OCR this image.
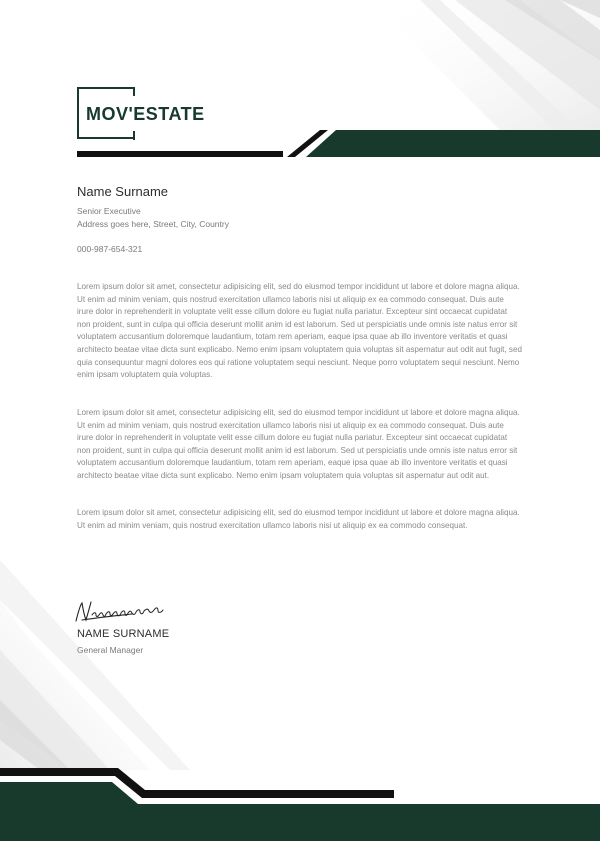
MOV'ESTATE
Name Surname
Senior Executive
Address goes here, Street, City, Country
000-987-654-321

Lorem ipsum dolor sit amet, consectetur adipisicing elit, sed do eiusmod tempor incididunt ut labore et dolore magna aliqua. Ut enim ad minim veniam, quis nostrud exercitation ullamco laboris nisi ut aliquip ex ea commodo consequat. Duis aute irure dolor in reprehenderit in voluptate velit esse cillum dolore eu fugiat nulla pariatur. Excepteur sint occaecat cupidatat non proident, sunt in culpa qui officia deserunt mollit anim id est laborum. Sed ut perspiciatis unde omnis iste natus error sit voluptatem accusantium doloremque laudantium, totam rem aperiam, eaque ipsa quae ab illo inventore veritatis et quasi architecto beatae vitae dicta sunt explicabo. Nemo enim ipsam voluptatem quia voluptas sit aspernatur aut odit aut fugit, sed quia consequuntur magni dolores eos qui ratione voluptatem sequi nesciunt. Neque porro voluptatem sequi nesciunt. Nemo enim ipsam voluptatem quia voluptas.

Lorem ipsum dolor sit amet, consectetur adipisicing elit, sed do eiusmod tempor incididunt ut labore et dolore magna aliqua. Ut enim ad minim veniam, quis nostrud exercitation ullamco laboris nisi ut aliquip ex ea commodo consequat. Duis aute irure dolor in reprehenderit in voluptate velit esse cillum dolore eu fugiat nulla pariatur. Excepteur sint occaecat cupidatat non proident, sunt in culpa qui officia deserunt mollit anim id est laborum. Sed ut perspiciatis unde omnis iste natus error sit voluptatem accusantium doloremque laudantium, totam rem aperiam, eaque ipsa quae ab illo inventore veritatis et quasi architecto beatae vitae dicta sunt explicabo. Nemo enim ipsam voluptatem quia voluptas sit aspernatur aut odit aut.

Lorem ipsum dolor sit amet, consectetur adipisicing elit, sed do eiusmod tempor incididunt ut labore et dolore magna aliqua. Ut enim ad minim veniam, quis nostrud exercitation ullamco laboris nisi ut aliquip ex ea commodo consequat.

NAME SURNAME
General Manager
